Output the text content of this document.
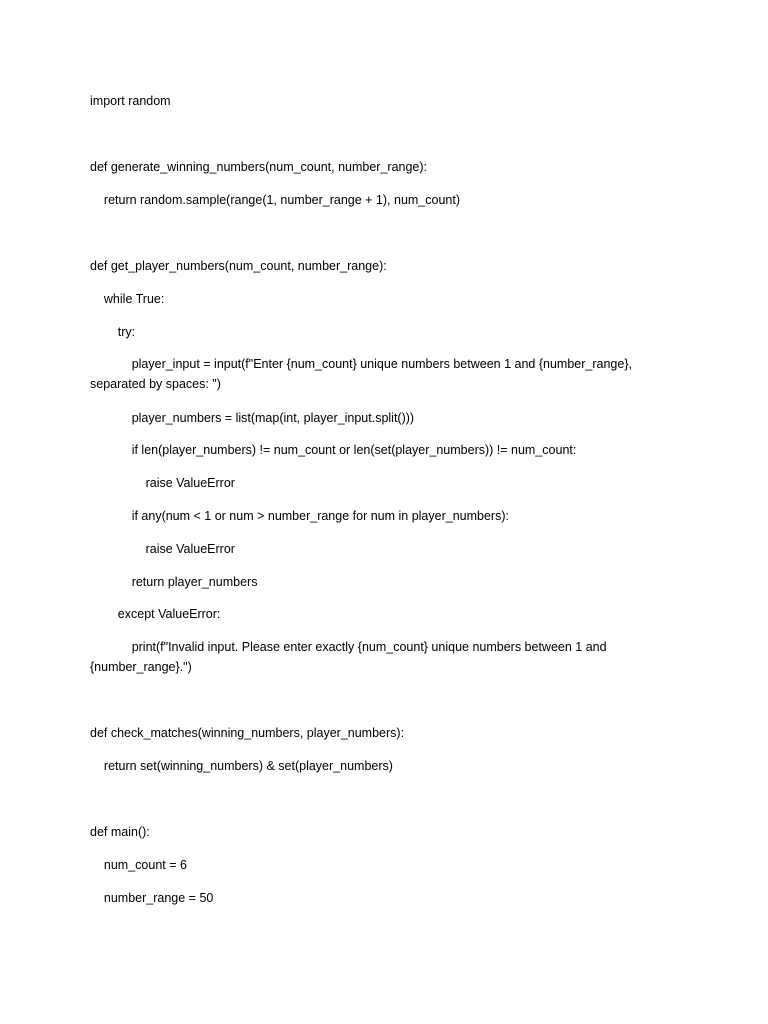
import random

def generate_winning_numbers(num_count, number_range):

return random.sample(range(1, number_range + 1), num_count)

def get_player_numbers(num_count, number_range):

while True:

try:

player_input = input(f"Enter {num_count} unique numbers between 1 and {number_range}, separated by spaces: ")

player_numbers = list(map(int, player_input.split()))

if len(player_numbers) != num_count or len(set(player_numbers)) != num_count:

raise ValueError

if any(num < 1 or num > number_range for num in player_numbers):

raise ValueError

return player_numbers

except ValueError:

print(f"Invalid input. Please enter exactly {num_count} unique numbers between 1 and {number_range}.")

def check_matches(winning_numbers, player_numbers):

return set(winning_numbers) & set(player_numbers)

def main():

num_count = 6

number_range = 50
